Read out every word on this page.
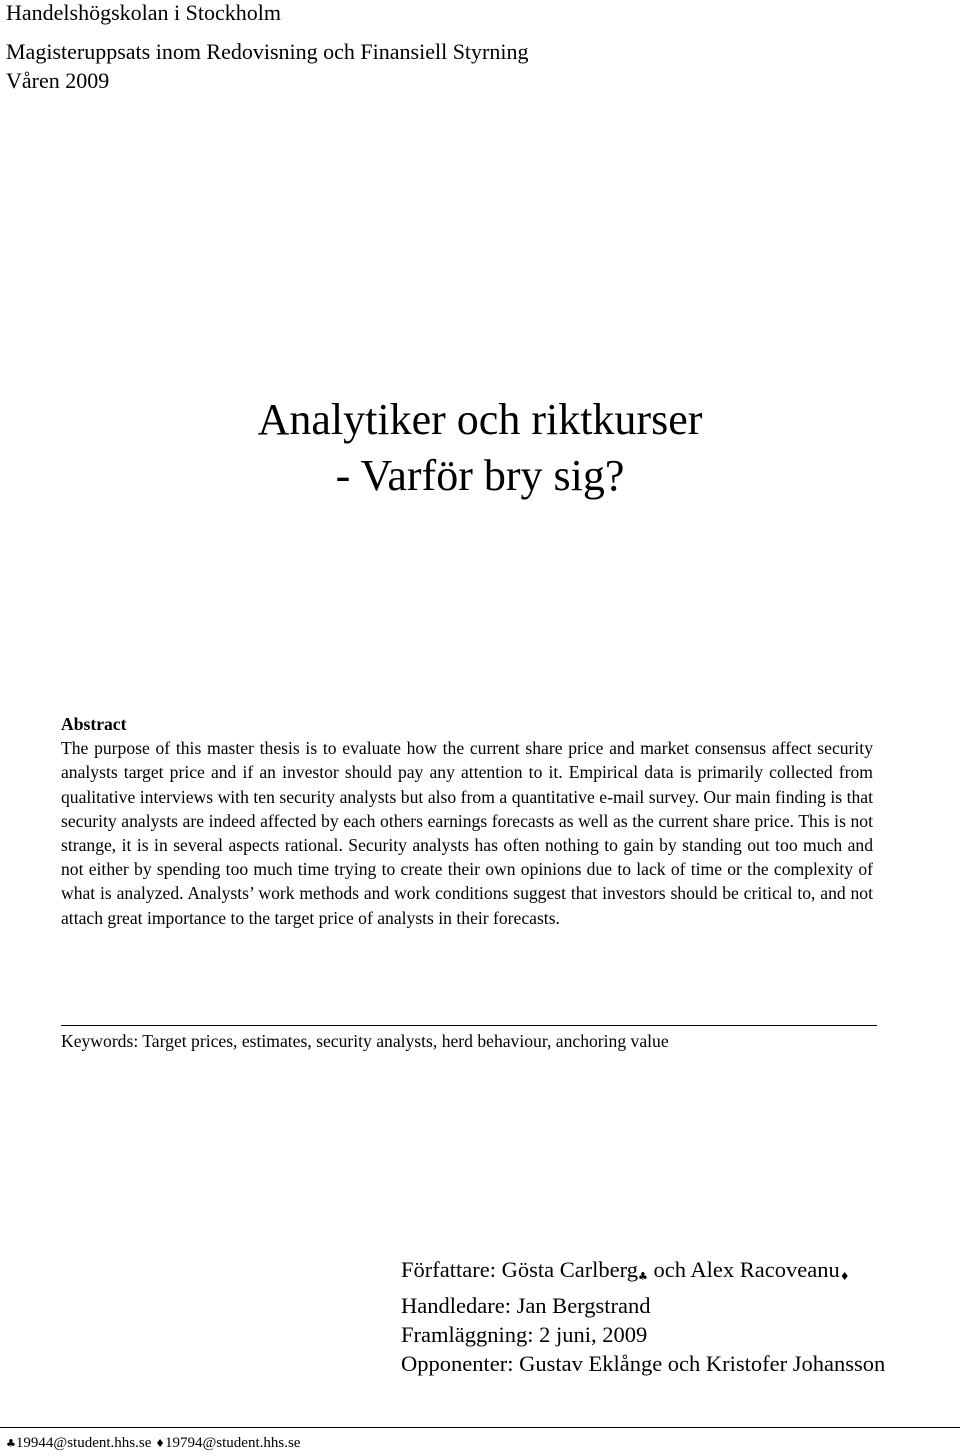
Handelshögskolan i Stockholm
Magisteruppsats inom Redovisning och Finansiell Styrning
Våren 2009
Analytiker och riktkurser
- Varför bry sig?
Abstract

The purpose of this master thesis is to evaluate how the current share price and market consensus affect security analysts target price and if an investor should pay any attention to it. Empirical data is primarily collected from qualitative interviews with ten security analysts but also from a quantitative e-mail survey. Our main finding is that security analysts are indeed affected by each others earnings forecasts as well as the current share price. This is not strange, it is in several aspects rational. Security analysts has often nothing to gain by standing out too much and not either by spending too much time trying to create their own opinions due to lack of time or the complexity of what is analyzed. Analysts’ work methods and work conditions suggest that investors should be critical to, and not attach great importance to the target price of analysts in their forecasts.

Keywords: Target prices, estimates, security analysts, herd behaviour, anchoring value
Författare: Gösta Carlberg♣ och Alex Racoveanu♦
Handledare: Jan Bergstrand
Framläggning: 2 juni, 2009
Opponenter: Gustav Eklånge och Kristofer Johansson
♣19944@student.hhs.se ♦19794@student.hhs.se
